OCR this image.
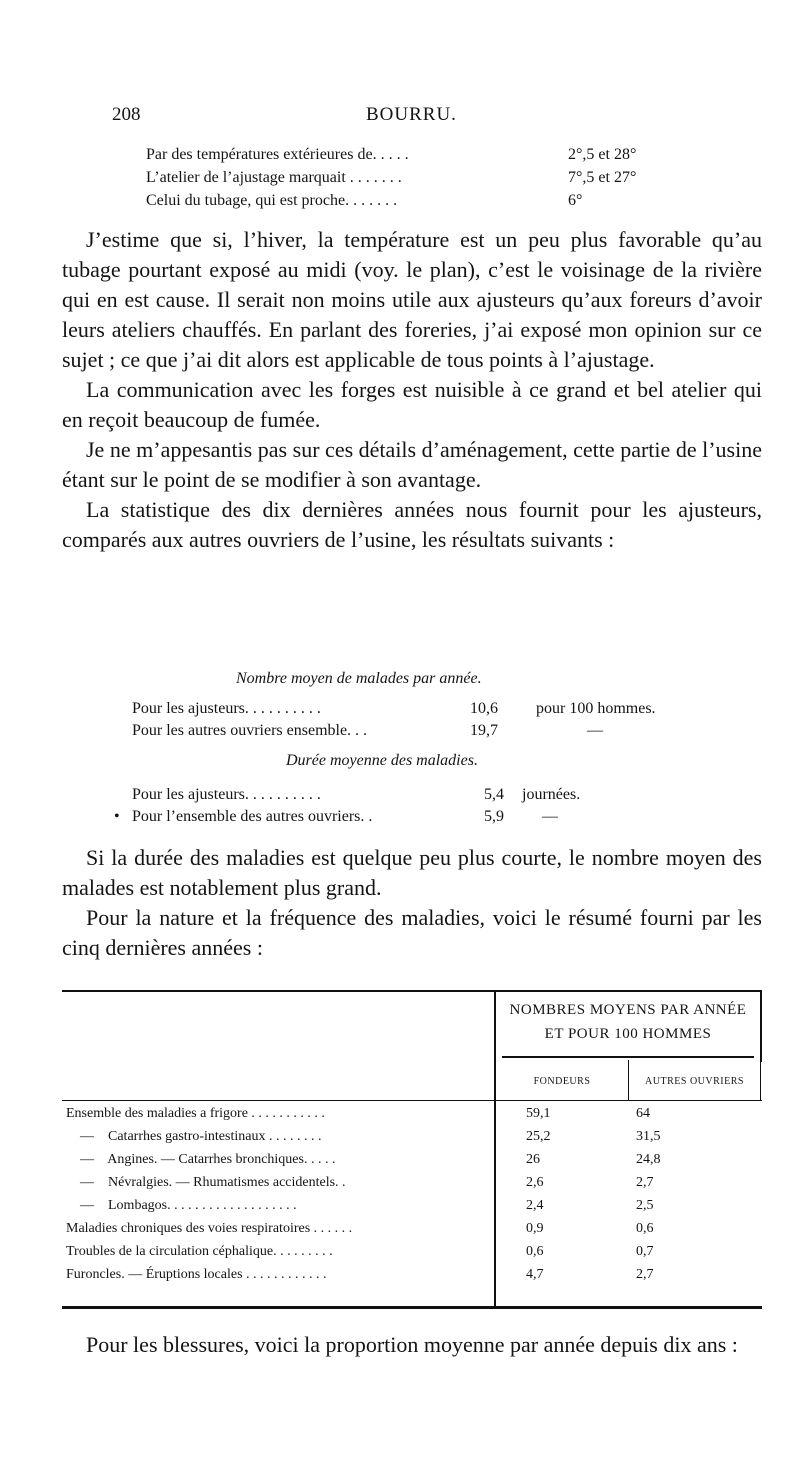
208	BOURRU.
Par des températures extérieures de. . . . .	2°,5 et 28°
L’atelier de l’ajustage marquait . . . . . . .	7°,5 et 27°
Celui du tubage, qui est proche. . . . . . .	6°

J’estime que si, l’hiver, la température est un peu plus favorable qu’au tubage pourtant exposé au midi (voy. le plan), c’est le voisinage de la rivière qui en est cause. Il serait non moins utile aux ajusteurs qu’aux foreurs d’avoir leurs ateliers chauffés. En parlant des foreries, j’ai exposé mon opinion sur ce sujet ; ce que j’ai dit alors est applicable de tous points à l’ajustage.

La communication avec les forges est nuisible à ce grand et bel atelier qui en reçoit beaucoup de fumée.

Je ne m’appesantis pas sur ces détails d’aménagement, cette partie de l’usine étant sur le point de se modifier à son avantage.

La statistique des dix dernières années nous fournit pour les ajusteurs, comparés aux autres ouvriers de l’usine, les résultats suivants :

Nombre moyen de malades par année.
Pour les ajusteurs. . . . . . . . . .	10,6 pour 100 hommes.
Pour les autres ouvriers ensemble. . .	19,7	—
Durée moyenne des maladies.
Pour les ajusteurs. . . . . . . . . .	5,4 journées.
• Pour l’ensemble des autres ouvriers. .	5,9 —

Si la durée des maladies est quelque peu plus courte, le nombre moyen des malades est notablement plus grand.

Pour la nature et la fréquence des maladies, voici le résumé fourni par les cinq dernières années :

NOMBRES MOYENS PAR ANNÉE
ET POUR 100 HOMMES
FONDEURS	AUTRES OUVRIERS
Ensemble des maladies a frigore . . . . . . . . . . .	59,1	64
—    Catarrhes gastro-intestinaux . . . . . . . .	25,2	31,5
—    Angines. — Catarrhes bronchiques. . . . .	26	24,8
—    Névralgies. — Rhumatismes accidentels. .	2,6	2,7
—    Lombagos. . . . . . . . . . . . . . . . . . .	2,4	2,5
Maladies chroniques des voies respiratoires . . . . . .	0,9	0,6
Troubles de la circulation céphalique. . . . . . . . .	0,6	0,7
Furoncles. — Éruptions locales . . . . . . . . . . . .	4,7	2,7

Pour les blessures, voici la proportion moyenne par année depuis dix ans :
